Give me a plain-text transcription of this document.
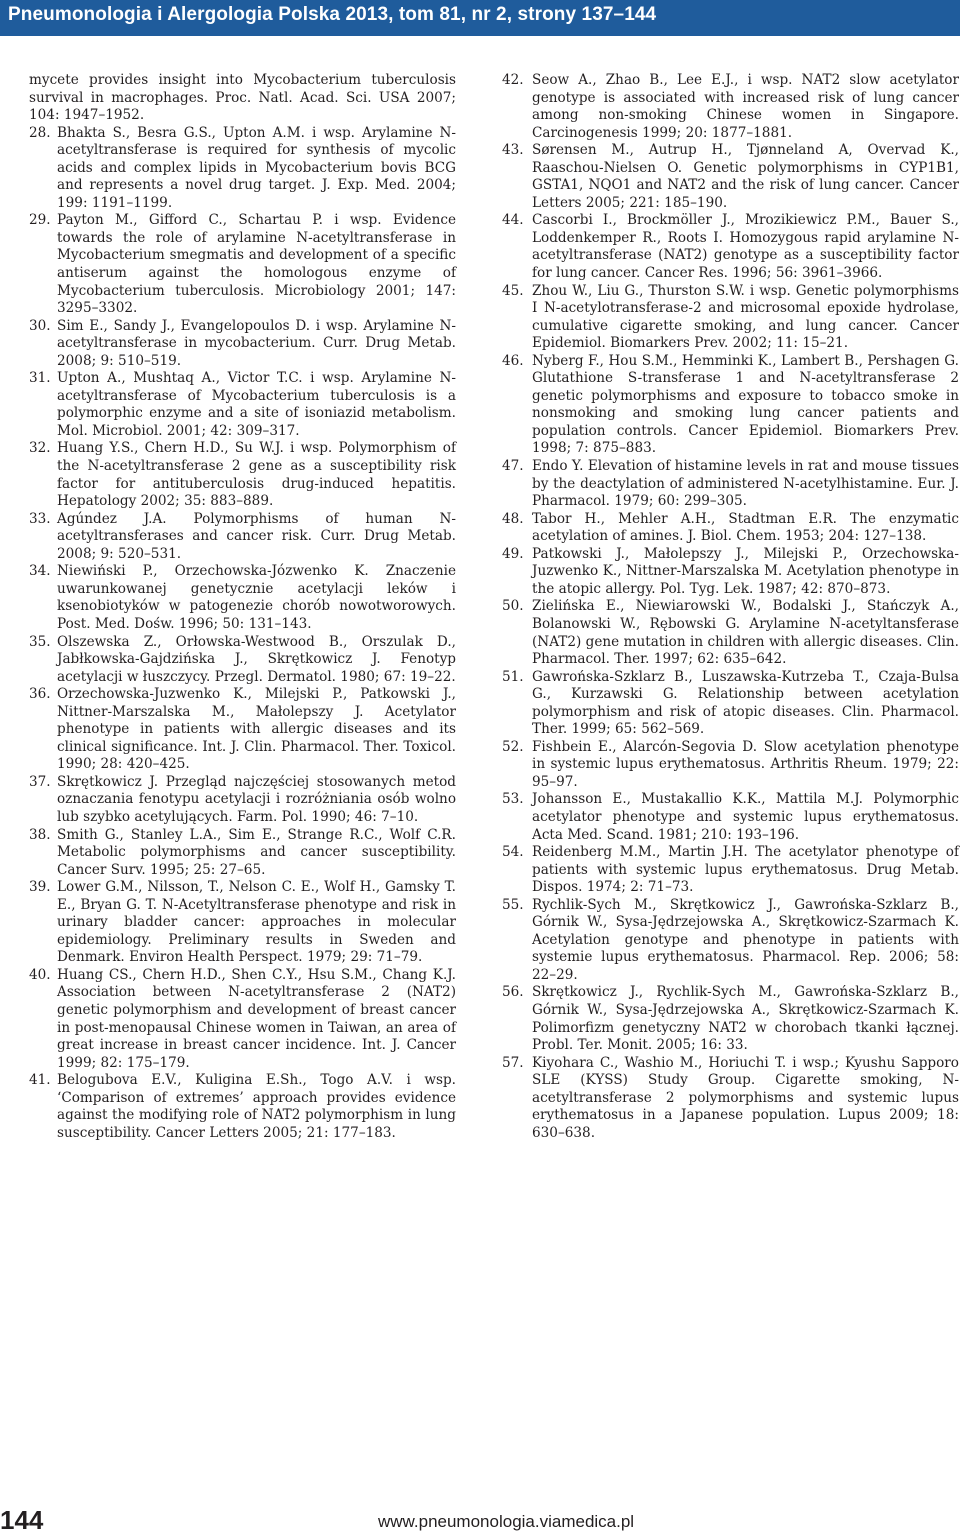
Pneumonologia i Alergologia Polska 2013, tom 81, nr 2, strony 137–144
mycete provides insight into Mycobacterium tuberculosis survival in macrophages. Proc. Natl. Acad. Sci. USA 2007; 104: 1947–1952.
28. Bhakta S., Besra G.S., Upton A.M. i wsp. Arylamine N-acetyltransferase is required for synthesis of mycolic acids and complex lipids in Mycobacterium bovis BCG and represents a novel drug target. J. Exp. Med. 2004; 199: 1191–1199.
29. Payton M., Gifford C., Schartau P. i wsp. Evidence towards the role of arylamine N-acetyltransferase in Mycobacterium smegmatis and development of a specific antiserum against the homologous enzyme of Mycobacterium tuberculosis. Microbiology 2001; 147: 3295–3302.
30. Sim E., Sandy J., Evangelopoulos D. i wsp. Arylamine N-acetyltransferase in mycobacterium. Curr. Drug Metab. 2008; 9: 510–519.
31. Upton A., Mushtaq A., Victor T.C. i wsp. Arylamine N-acetyltransferase of Mycobacterium tuberculosis is a polymorphic enzyme and a site of isoniazid metabolism. Mol. Microbiol. 2001; 42: 309–317.
32. Huang Y.S., Chern H.D., Su W.J. i wsp. Polymorphism of the N-acetyltransferase 2 gene as a susceptibility risk factor for antituberculosis drug-induced hepatitis. Hepatology 2002; 35: 883–889.
33. Agúndez J.A. Polymorphisms of human N-acetyltransferases and cancer risk. Curr. Drug Metab. 2008; 9: 520–531.
34. Niewiński P., Orzechowska-Józwenko K. Znaczenie uwarunkowanej genetycznie acetylacji leków i ksenobiotyków w patogenezie chorób nowotworowych. Post. Med. Dośw. 1996; 50: 131–143.
35. Olszewska Z., Orłowska-Westwood B., Orszulak D., Jabłkowska-Gajdzińska J., Skrętkowicz J. Fenotyp acetylacji w łuszczycy. Przegl. Dermatol. 1980; 67: 19–22.
36. Orzechowska-Juzwenko K., Milejski P., Patkowski J., Nittner-Marszalska M., Małolepszy J. Acetylator phenotype in patients with allergic diseases and its clinical significance. Int. J. Clin. Pharmacol. Ther. Toxicol. 1990; 28: 420–425.
37. Skrętkowicz J. Przegląd najczęściej stosowanych metod oznaczania fenotypu acetylacji i rozróżniania osób wolno lub szybko acetylujących. Farm. Pol. 1990; 46: 7–10.
38. Smith G., Stanley L.A., Sim E., Strange R.C., Wolf C.R. Metabolic polymorphisms and cancer susceptibility. Cancer Surv. 1995; 25: 27–65.
39. Lower G.M., Nilsson, T., Nelson C. E., Wolf H., Gamsky T. E., Bryan G. T. N-Acetyltransferase phenotype and risk in urinary bladder cancer: approaches in molecular epidemiology. Preliminary results in Sweden and Denmark. Environ Health Perspect. 1979; 29: 71–79.
40. Huang CS., Chern H.D., Shen C.Y., Hsu S.M., Chang K.J. Association between N-acetyltransferase 2 (NAT2) genetic polymorphism and development of breast cancer in post-menopausal Chinese women in Taiwan, an area of great increase in breast cancer incidence. Int. J. Cancer 1999; 82: 175–179.
41. Belogubova E.V., Kuligina E.Sh., Togo A.V. i wsp. ‘Comparison of extremes’ approach provides evidence against the modifying role of NAT2 polymorphism in lung susceptibility. Cancer Letters 2005; 21: 177–183.
42. Seow A., Zhao B., Lee E.J., i wsp. NAT2 slow acetylator genotype is associated with increased risk of lung cancer among non-smoking Chinese women in Singapore. Carcinogenesis 1999; 20: 1877–1881.
43. Sørensen M., Autrup H., Tjønneland A, Overvad K., Raaschou-Nielsen O. Genetic polymorphisms in CYP1B1, GSTA1, NQO1 and NAT2 and the risk of lung cancer. Cancer Letters 2005; 221: 185–190.
44. Cascorbi I., Brockmöller J., Mrozikiewicz P.M., Bauer S., Loddenkemper R., Roots I. Homozygous rapid arylamine N-acetyltransferase (NAT2) genotype as a susceptibility factor for lung cancer. Cancer Res. 1996; 56: 3961–3966.
45. Zhou W., Liu G., Thurston S.W. i wsp. Genetic polymorphisms I N-acetylotransferase-2 and microsomal epoxide hydrolase, cumulative cigarette smoking, and lung cancer. Cancer Epidemiol. Biomarkers Prev. 2002; 11: 15–21.
46. Nyberg F., Hou S.M., Hemminki K., Lambert B., Pershagen G. Glutathione S-transferase 1 and N-acetyltransferase 2 genetic polymorphisms and exposure to tobacco smoke in nonsmoking and smoking lung cancer patients and population controls. Cancer Epidemiol. Biomarkers Prev. 1998; 7: 875–883.
47. Endo Y. Elevation of histamine levels in rat and mouse tissues by the deactylation of administered N-acetylhistamine. Eur. J. Pharmacol. 1979; 60: 299–305.
48. Tabor H., Mehler A.H., Stadtman E.R. The enzymatic acetylation of amines. J. Biol. Chem. 1953; 204: 127–138.
49. Patkowski J., Małolepszy J., Milejski P., Orzechowska-Juzwenko K., Nittner-Marszalska M. Acetylation phenotype in the atopic allergy. Pol. Tyg. Lek. 1987; 42: 870–873.
50. Zielińska E., Niewiarowski W., Bodalski J., Stańczyk A., Bolanowski W., Rębowski G. Arylamine N-acetyltansferase (NAT2) gene mutation in children with allergic diseases. Clin. Pharmacol. Ther. 1997; 62: 635–642.
51. Gawrońska-Szklarz B., Luszawska-Kutrzeba T., Czaja-Bulsa G., Kurzawski G. Relationship between acetylation polymorphism and risk of atopic diseases. Clin. Pharmacol. Ther. 1999; 65: 562–569.
52. Fishbein E., Alarcón-Segovia D. Slow acetylation phenotype in systemic lupus erythematosus. Arthritis Rheum. 1979; 22: 95–97.
53. Johansson E., Mustakallio K.K., Mattila M.J. Polymorphic acetylator phenotype and systemic lupus erythematosus. Acta Med. Scand. 1981; 210: 193–196.
54. Reidenberg M.M., Martin J.H. The acetylator phenotype of patients with systemic lupus erythematosus. Drug Metab. Dispos. 1974; 2: 71–73.
55. Rychlik-Sych M., Skrętkowicz J., Gawrońska-Szklarz B., Górnik W., Sysa-Jędrzejowska A., Skrętkowicz-Szarmach K. Acetylation genotype and phenotype in patients with systemie lupus erythematosus. Pharmacol. Rep. 2006; 58: 22–29.
56. Skrętkowicz J., Rychlik-Sych M., Gawrońska-Szklarz B., Górnik W., Sysa-Jędrzejowska A., Skrętkowicz-Szarmach K. Polimorfizm genetyczny NAT2 w chorobach tkanki łącznej. Probl. Ter. Monit. 2005; 16: 33.
57. Kiyohara C., Washio M., Horiuchi T. i wsp.; Kyushu Sapporo SLE (KYSS) Study Group. Cigarette smoking, N-acetyltransferase 2 polymorphisms and systemic lupus erythematosus in a Japanese population. Lupus 2009; 18: 630–638.
144	www.pneumonologia.viamedica.pl
